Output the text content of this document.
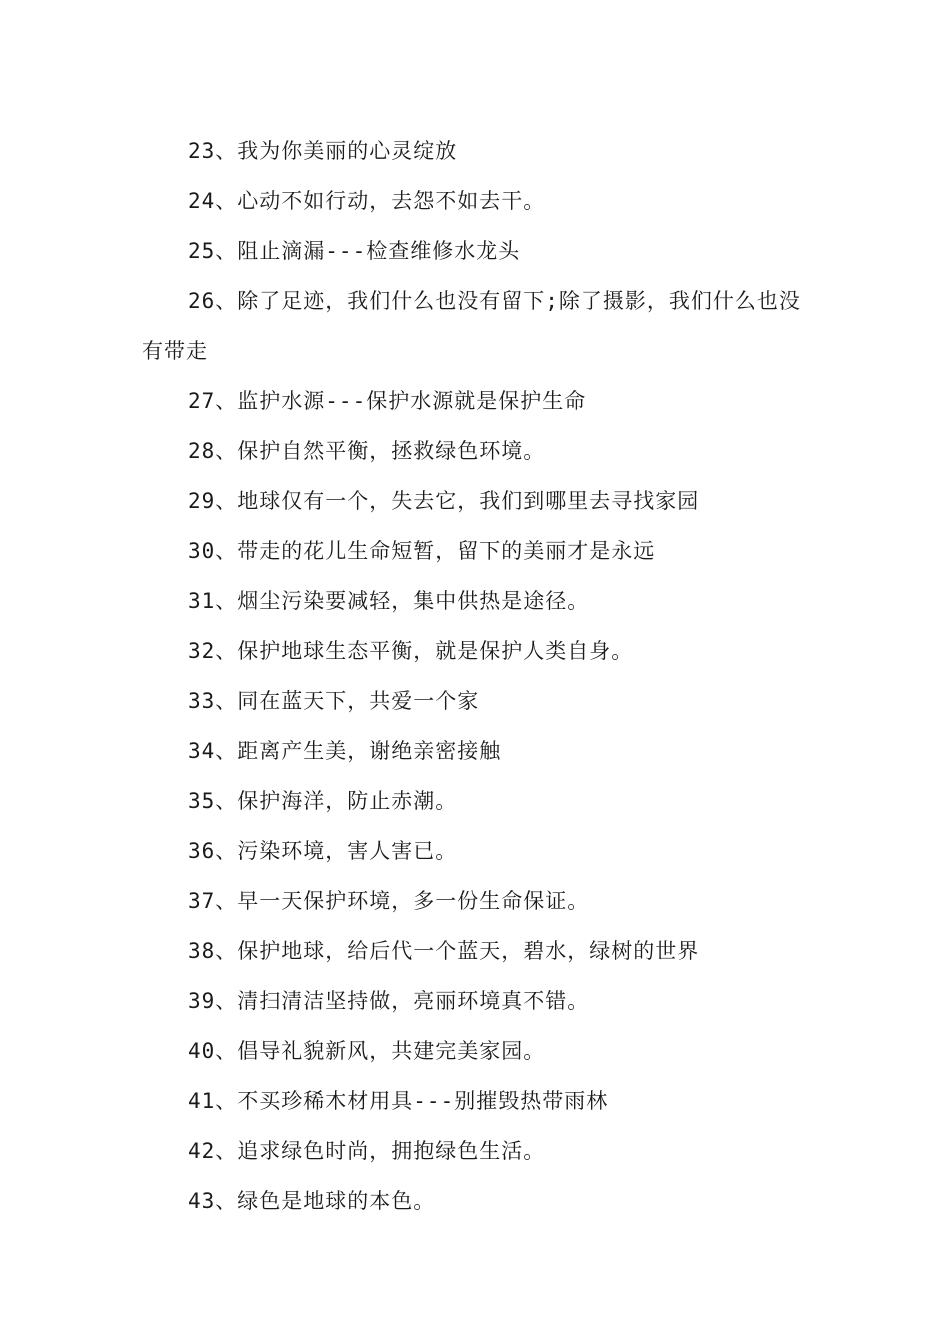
23、我为你美丽的心灵绽放
24、心动不如行动，去怨不如去干。
25、阻止滴漏---检查维修水龙头
26、除了足迹，我们什么也没有留下;除了摄影，我们什么也没
有带走
27、监护水源---保护水源就是保护生命
28、保护自然平衡，拯救绿色环境。
29、地球仅有一个，失去它，我们到哪里去寻找家园
30、带走的花儿生命短暂，留下的美丽才是永远
31、烟尘污染要减轻，集中供热是途径。
32、保护地球生态平衡，就是保护人类自身。
33、同在蓝天下，共爱一个家
34、距离产生美，谢绝亲密接触
35、保护海洋，防止赤潮。
36、污染环境，害人害已。
37、早一天保护环境，多一份生命保证。
38、保护地球，给后代一个蓝天，碧水，绿树的世界
39、清扫清洁坚持做，亮丽环境真不错。
40、倡导礼貌新风，共建完美家园。
41、不买珍稀木材用具---别摧毁热带雨林
42、追求绿色时尚，拥抱绿色生活。
43、绿色是地球的本色。
